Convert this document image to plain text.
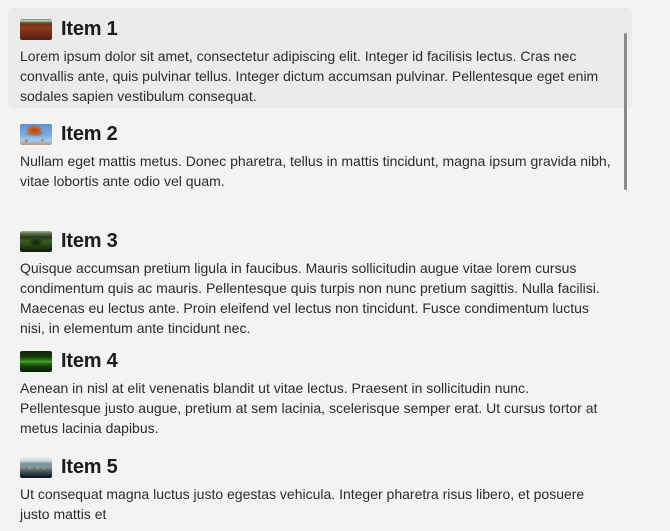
Item 1
Lorem ipsum dolor sit amet, consectetur adipiscing elit. Integer id facilisis lectus. Cras nec convallis ante, quis pulvinar tellus. Integer dictum accumsan pulvinar. Pellentesque eget enim sodales sapien vestibulum consequat.
Item 2
Nullam eget mattis metus. Donec pharetra, tellus in mattis tincidunt, magna ipsum gravida nibh, vitae lobortis ante odio vel quam.
Item 3
Quisque accumsan pretium ligula in faucibus. Mauris sollicitudin augue vitae lorem cursus condimentum quis ac mauris. Pellentesque quis turpis non nunc pretium sagittis. Nulla facilisi. Maecenas eu lectus ante. Proin eleifend vel lectus non tincidunt. Fusce condimentum luctus nisi, in elementum ante tincidunt nec.
Item 4
Aenean in nisl at elit venenatis blandit ut vitae lectus. Praesent in sollicitudin nunc. Pellentesque justo augue, pretium at sem lacinia, scelerisque semper erat. Ut cursus tortor at metus lacinia dapibus.
Item 5
Ut consequat magna luctus justo egestas vehicula. Integer pharetra risus libero, et posuere justo mattis et
